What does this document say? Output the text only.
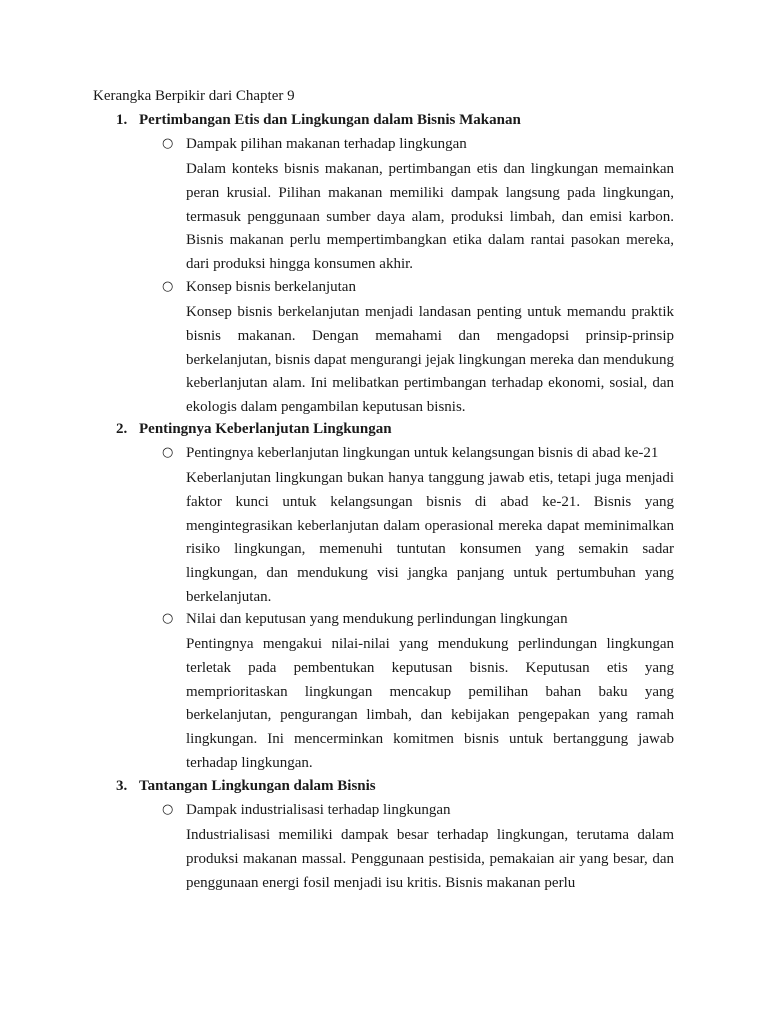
Kerangka Berpikir dari Chapter 9
1. Pertimbangan Etis dan Lingkungan dalam Bisnis Makanan
○ Dampak pilihan makanan terhadap lingkungan
Dalam konteks bisnis makanan, pertimbangan etis dan lingkungan memainkan peran krusial. Pilihan makanan memiliki dampak langsung pada lingkungan, termasuk penggunaan sumber daya alam, produksi limbah, dan emisi karbon. Bisnis makanan perlu mempertimbangkan etika dalam rantai pasokan mereka, dari produksi hingga konsumen akhir.
○ Konsep bisnis berkelanjutan
Konsep bisnis berkelanjutan menjadi landasan penting untuk memandu praktik bisnis makanan. Dengan memahami dan mengadopsi prinsip-prinsip berkelanjutan, bisnis dapat mengurangi jejak lingkungan mereka dan mendukung keberlanjutan alam. Ini melibatkan pertimbangan terhadap ekonomi, sosial, dan ekologis dalam pengambilan keputusan bisnis.
2. Pentingnya Keberlanjutan Lingkungan
○ Pentingnya keberlanjutan lingkungan untuk kelangsungan bisnis di abad ke-21
Keberlanjutan lingkungan bukan hanya tanggung jawab etis, tetapi juga menjadi faktor kunci untuk kelangsungan bisnis di abad ke-21. Bisnis yang mengintegrasikan keberlanjutan dalam operasional mereka dapat meminimalkan risiko lingkungan, memenuhi tuntutan konsumen yang semakin sadar lingkungan, dan mendukung visi jangka panjang untuk pertumbuhan yang berkelanjutan.
○ Nilai dan keputusan yang mendukung perlindungan lingkungan
Pentingnya mengakui nilai-nilai yang mendukung perlindungan lingkungan terletak pada pembentukan keputusan bisnis. Keputusan etis yang memprioritaskan lingkungan mencakup pemilihan bahan baku yang berkelanjutan, pengurangan limbah, dan kebijakan pengepakan yang ramah lingkungan. Ini mencerminkan komitmen bisnis untuk bertanggung jawab terhadap lingkungan.
3. Tantangan Lingkungan dalam Bisnis
○ Dampak industrialisasi terhadap lingkungan
Industrialisasi memiliki dampak besar terhadap lingkungan, terutama dalam produksi makanan massal. Penggunaan pestisida, pemakaian air yang besar, dan penggunaan energi fosil menjadi isu kritis. Bisnis makanan perlu
